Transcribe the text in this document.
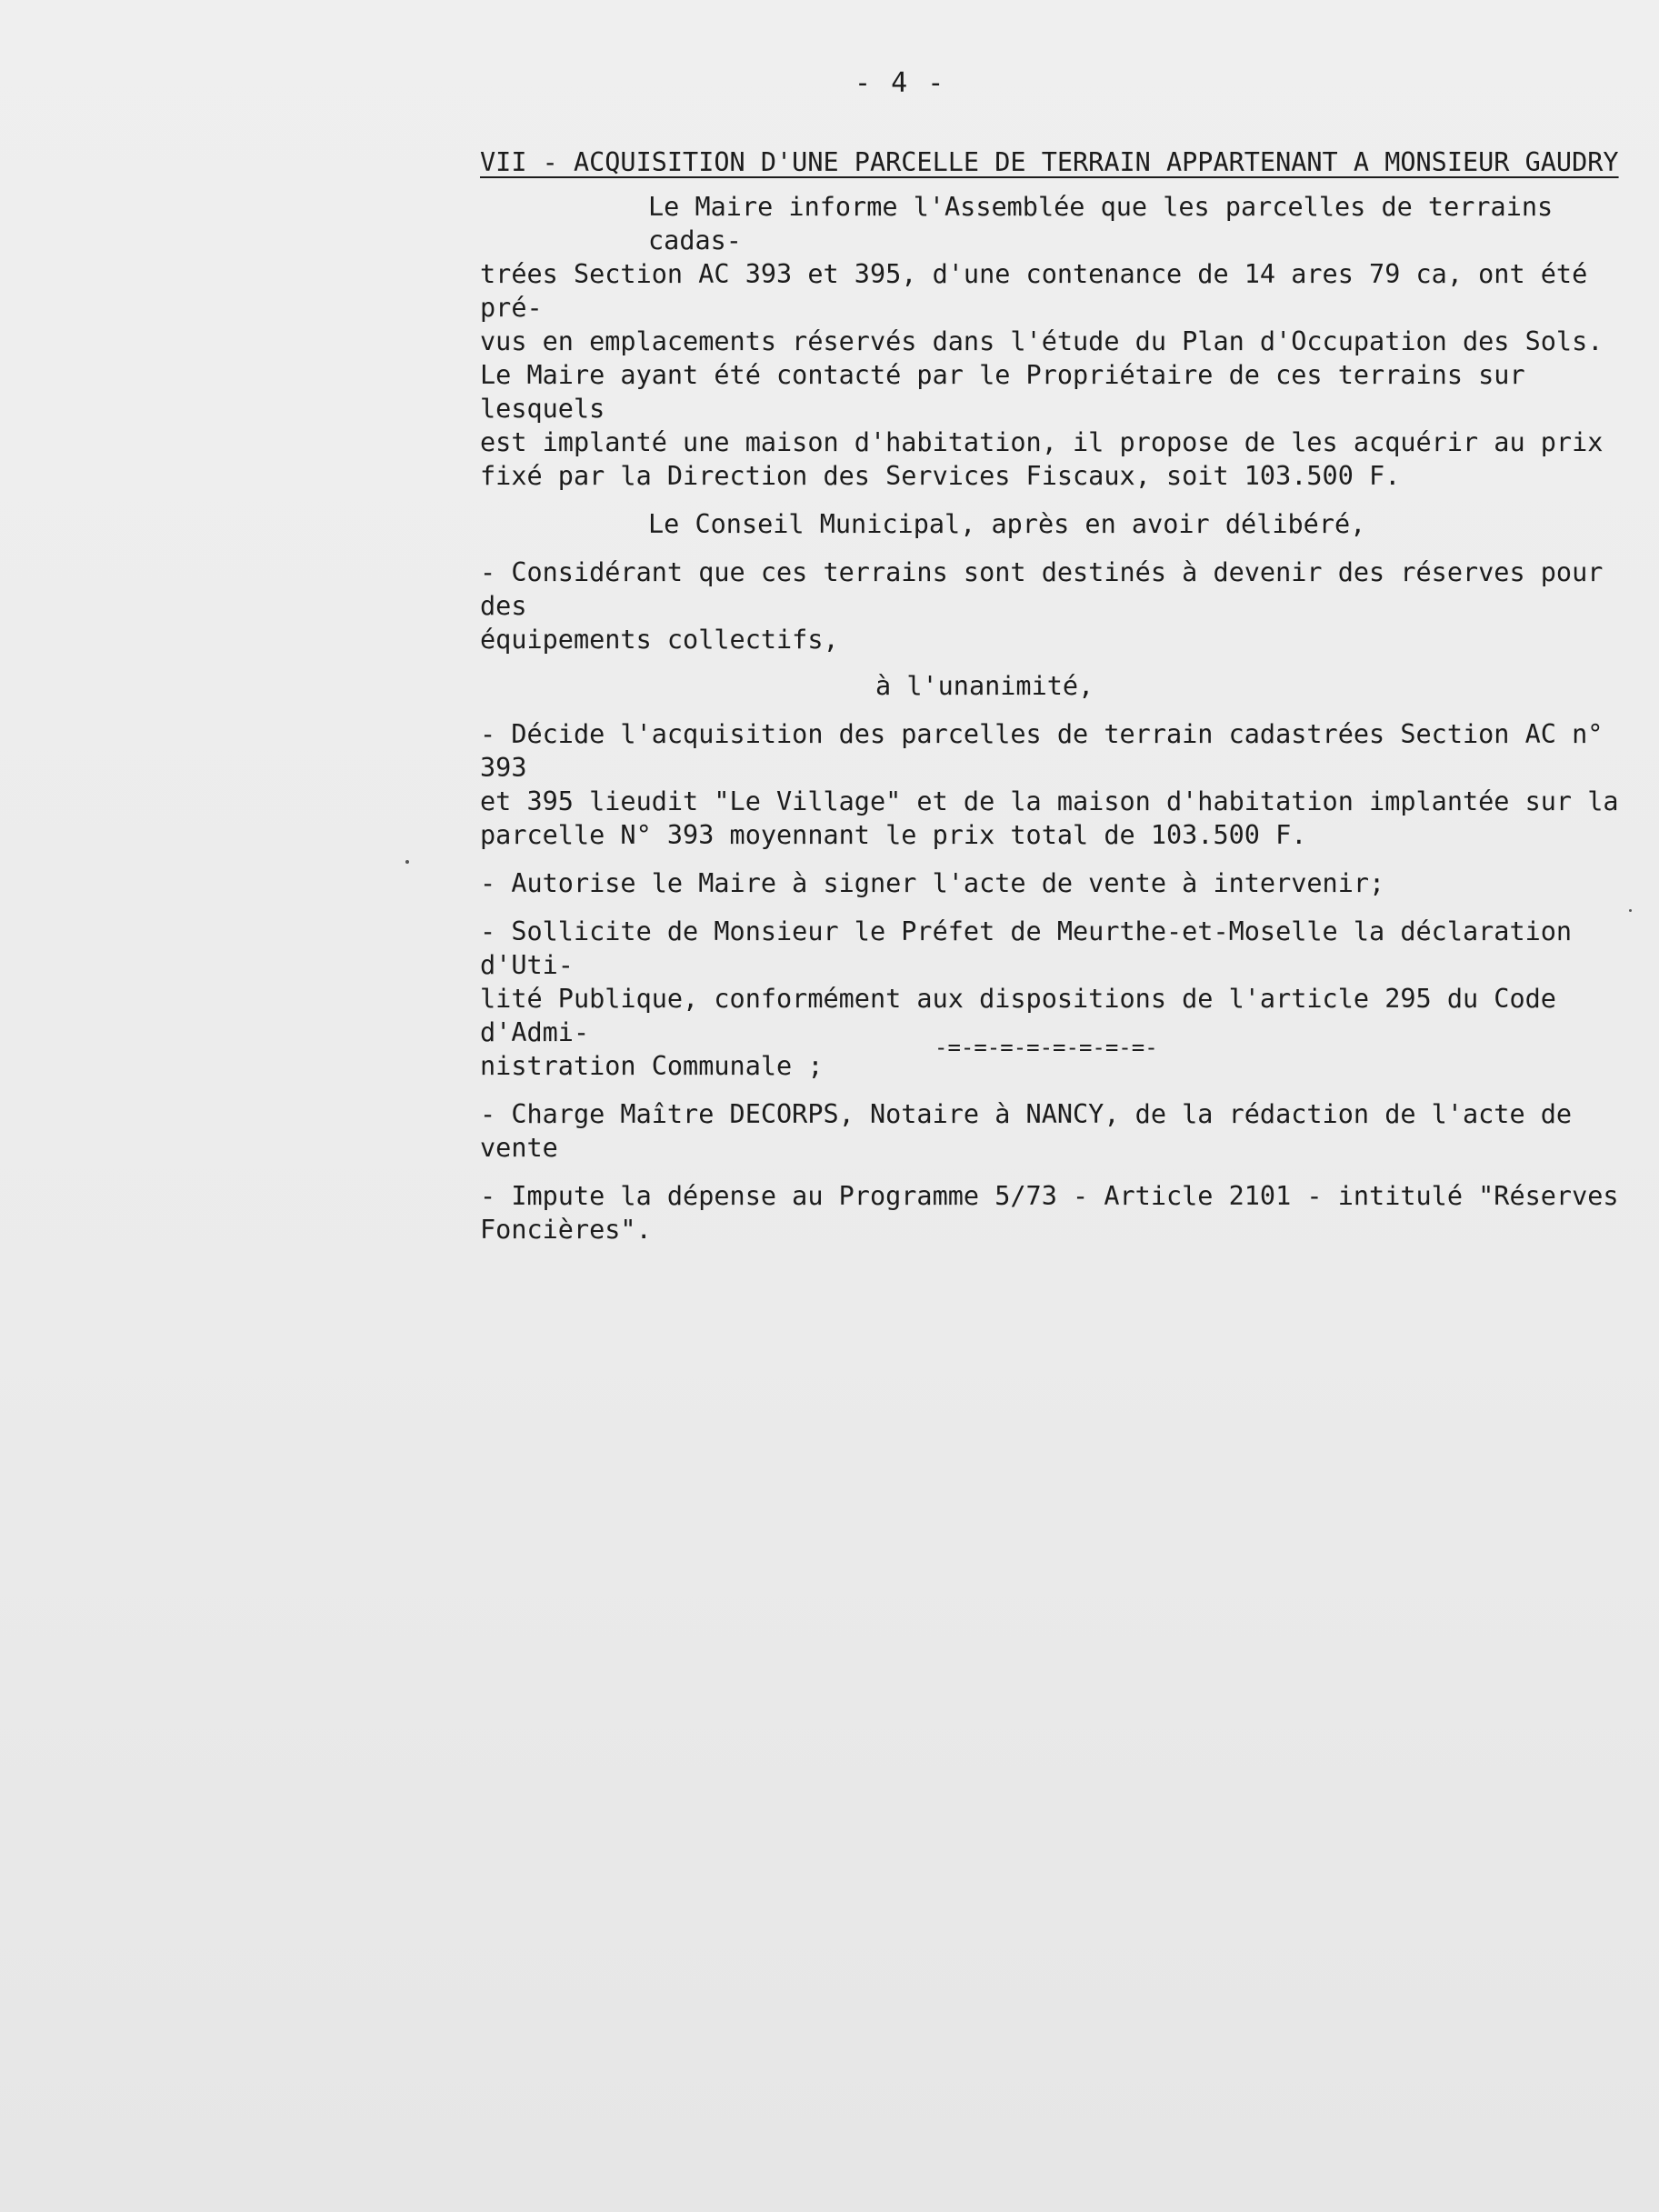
- 4 -
VII - ACQUISITION D'UNE PARCELLE DE TERRAIN APPARTENANT A MONSIEUR GAUDRY

Le Maire informe l'Assemblée que les parcelles de terrains cadas-

trées Section AC 393 et 395, d'une contenance de 14 ares 79 ca, ont été pré-

vus en emplacements réservés dans l'étude du Plan d'Occupation des Sols.

Le Maire ayant été contacté par le Propriétaire de ces terrains sur lesquels

est implanté une maison d'habitation, il propose de les acquérir au prix

fixé par la Direction des Services Fiscaux, soit 103.500 F.

Le Conseil Municipal, après en avoir délibéré,

- Considérant que ces terrains sont destinés à devenir des réserves pour des

équipements collectifs,

à l'unanimité,

- Décide l'acquisition des parcelles de terrain cadastrées Section AC n° 393

et 395 lieudit "Le Village" et de la maison d'habitation implantée sur la

parcelle N° 393 moyennant le prix total de 103.500 F.

- Autorise le Maire à signer l'acte de vente à intervenir;

- Sollicite de Monsieur le Préfet de Meurthe-et-Moselle la déclaration d'Uti-

lité Publique, conformément aux dispositions de l'article 295 du Code d'Admi-

nistration Communale ;

- Charge Maître DECORPS, Notaire à NANCY, de la rédaction de l'acte de vente

- Impute la dépense au Programme 5/73 - Article 2101 - intitulé "Réserves

Foncières".

-=-=-=-=-=-=-=-=-
